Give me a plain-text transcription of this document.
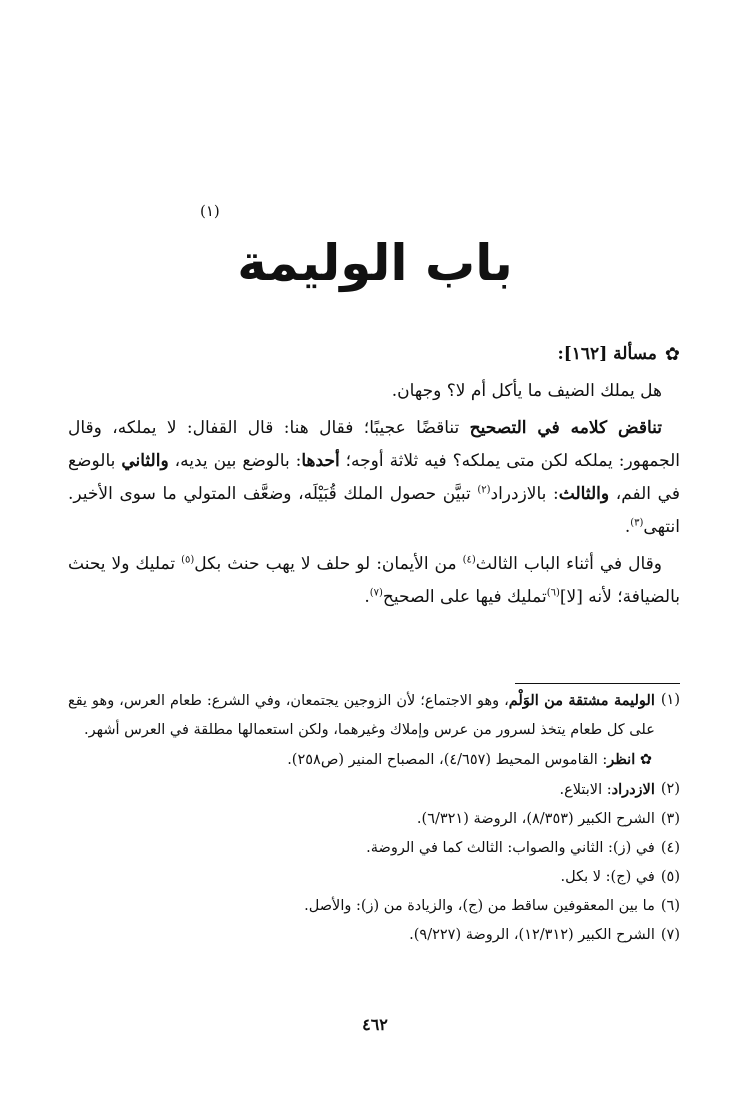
(١)
باب الوليمة
✿
مسألة [١٦٢]:

هل يملك الضيف ما يأكل أم لا؟ وجهان.

تناقض كلامه في التصحيح تناقضًا عجيبًا؛ فقال هنا: قال القفال: لا يملكه، وقال الجمهور: يملكه لكن متى يملكه؟ فيه ثلاثة أوجه؛ أحدها: بالوضع بين يديه، والثاني بالوضع في الفم، والثالث: بالازدراد$^{(٢)}$ تبيَّن حصول الملك قُبَيْلَه، وضعَّف المتولي ما سوى الأخير. انتهى$^{(٣)}$.

وقال في أثناء الباب الثالث$^{(٤)}$ من الأيمان: لو حلف لا يهب حنث بكل$^{(٥)}$ تمليك ولا يحنث بالضيافة؛ لأنه [لا]$^{(٦)}$تمليك فيها على الصحيح$^{(٧)}$.

(١)
الوليمة مشتقة من الوَلْم، وهو الاجتماع؛ لأن الزوجين يجتمعان، وفي الشرع: طعام العرس، وهو يقع على كل طعام يتخذ لسرور من عرس وإملاك وغيرهما، ولكن استعمالها مطلقة في العرس أشهر.
✿ انظر: القاموس المحيط (٤/٦٥٧)، المصباح المنير (ص٢٥٨).
(٢)
الازدراد: الابتلاع.
(٣)
الشرح الكبير (٨/٣٥٣)، الروضة (٦/٣٢١).
(٤)
في (ز): الثاني والصواب: الثالث كما في الروضة.
(٥)
في (ج): لا بكل.
(٦)
ما بين المعقوفين ساقط من (ج)، والزيادة من (ز): والأصل.
(٧)
الشرح الكبير (١٢/٣١٢)، الروضة (٩/٢٢٧).
٤٦٢
